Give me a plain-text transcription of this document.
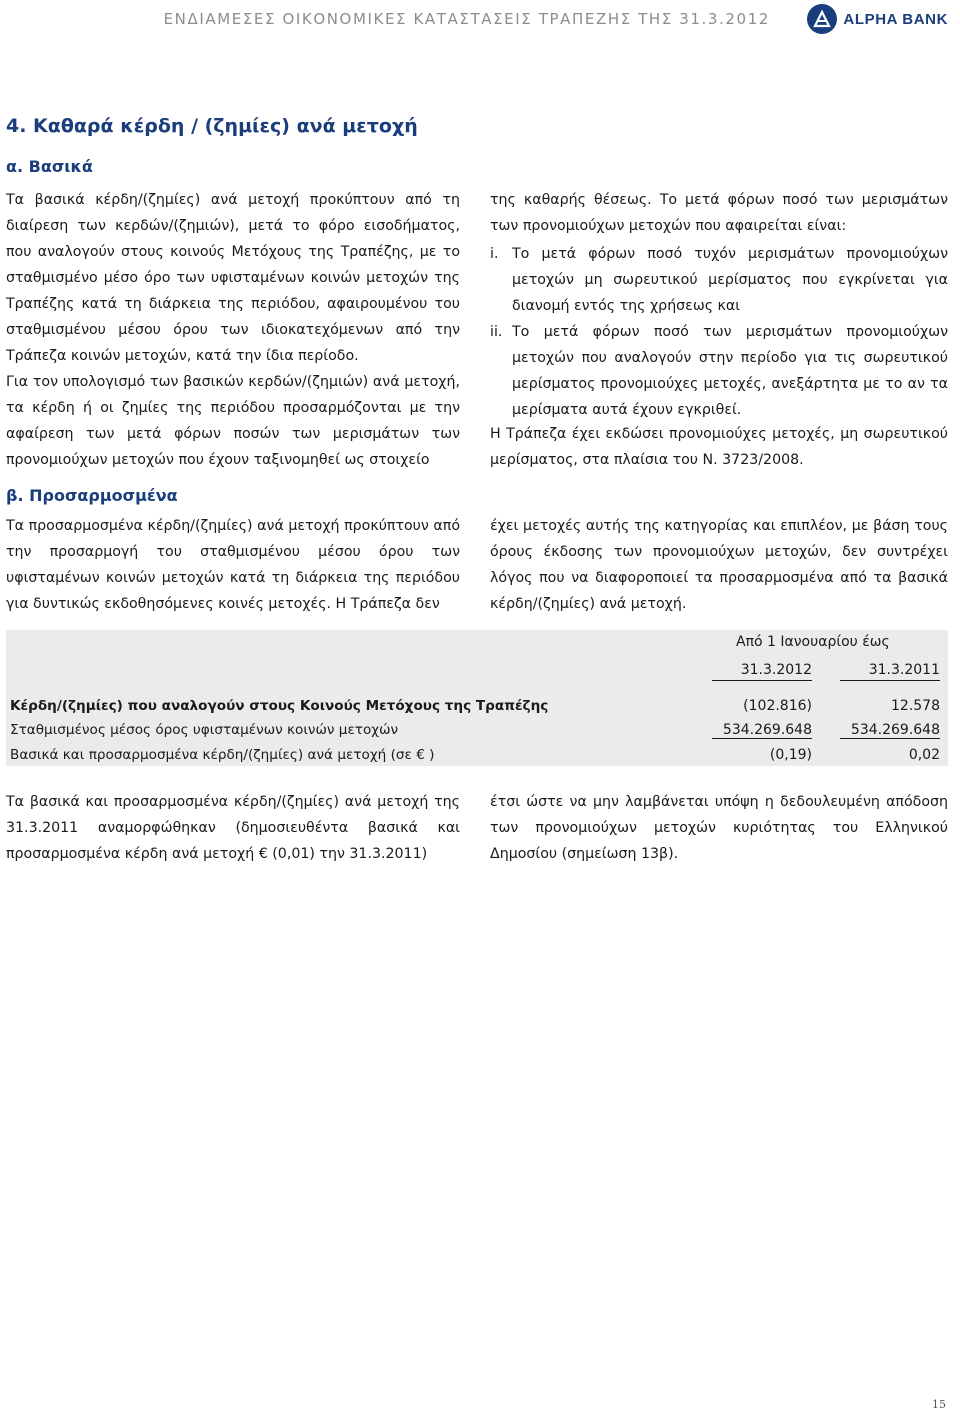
ΕΝΔΙΑΜΕΣΕΣ ΟΙΚΟΝΟΜΙΚΕΣ ΚΑΤΑΣΤΑΣΕΙΣ ΤΡΑΠΕΖΗΣ ΤΗΣ 31.3.2012	ALPHA BANK
4. Καθαρά κέρδη / (ζημίες) ανά μετοχή
α. Βασικά

Τα βασικά κέρδη/(ζημίες) ανά μετοχή προκύπτουν από τη διαίρεση των κερδών/(ζημιών), μετά το φόρο εισοδήματος, που αναλογούν στους κοινούς Μετόχους της Τραπέζης, με το σταθμισμένο μέσο όρο των υφισταμένων κοινών μετοχών της Τραπέζης κατά τη διάρκεια της περιόδου, αφαιρουμένου του σταθμισμένου μέσου όρου των ιδιοκατεχόμενων από την Τράπεζα κοινών μετοχών, κατά την ίδια περίοδο.

Για τον υπολογισμό των βασικών κερδών/(ζημιών) ανά μετοχή, τα κέρδη ή οι ζημίες της περιόδου προσαρμόζονται με την αφαίρεση των μετά φόρων ποσών των μερισμάτων των προνομιούχων μετοχών που έχουν ταξινομηθεί ως στοιχείο

της καθαρής θέσεως. Το μετά φόρων ποσό των μερισμάτων των προνομιούχων μετοχών που αφαιρείται είναι:

i. Το μετά φόρων ποσό τυχόν μερισμάτων προνομιούχων μετοχών μη σωρευτικού μερίσματος που εγκρίνεται για διανομή εντός της χρήσεως και
ii. Το μετά φόρων ποσό των μερισμάτων προνομιούχων μετοχών που αναλογούν στην περίοδο για τις σωρευτικού μερίσματος προνομιούχες μετοχές, ανεξάρτητα με το αν τα μερίσματα αυτά έχουν εγκριθεί.

Η Τράπεζα έχει εκδώσει προνομιούχες μετοχές, μη σωρευτικού μερίσματος, στα πλαίσια του Ν. 3723/2008.

β. Προσαρμοσμένα

Τα προσαρμοσμένα κέρδη/(ζημίες) ανά μετοχή προκύπτουν από την προσαρμογή του σταθμισμένου μέσου όρου των υφισταμένων κοινών μετοχών κατά τη διάρκεια της περιόδου για δυντικώς εκδοθησόμενες κοινές μετοχές. Η Τράπεζα δεν

έχει μετοχές αυτής της κατηγορίας και επιπλέον, με βάση τους όρους έκδοσης των προνομιούχων μετοχών, δεν συντρέχει λόγος που να διαφοροποιεί τα προσαρμοσμένα από τα βασικά κέρδη/(ζημίες) ανά μετοχή.

Από 1 Ιανουαρίου έως
31.3.2012	31.3.2011
Κέρδη/(ζημίες) που αναλογούν στους Κοινούς Μετόχους της Τραπέζης	(102.816)	12.578
Σταθμισμένος μέσος όρος υφισταμένων κοινών μετοχών	534.269.648	534.269.648
Βασικά και προσαρμοσμένα κέρδη/(ζημίες) ανά μετοχή (σε € )	(0,19)	0,02

Τα βασικά και προσαρμοσμένα κέρδη/(ζημίες) ανά μετοχή της 31.3.2011 αναμορφώθηκαν (δημοσιευθέντα βασικά και προσαρμοσμένα κέρδη ανά μετοχή € (0,01) την 31.3.2011)

έτσι ώστε να μην λαμβάνεται υπόψη η δεδουλευμένη απόδοση των προνομιούχων μετοχών κυριότητας του Ελληνικού Δημοσίου (σημείωση 13β).

15
